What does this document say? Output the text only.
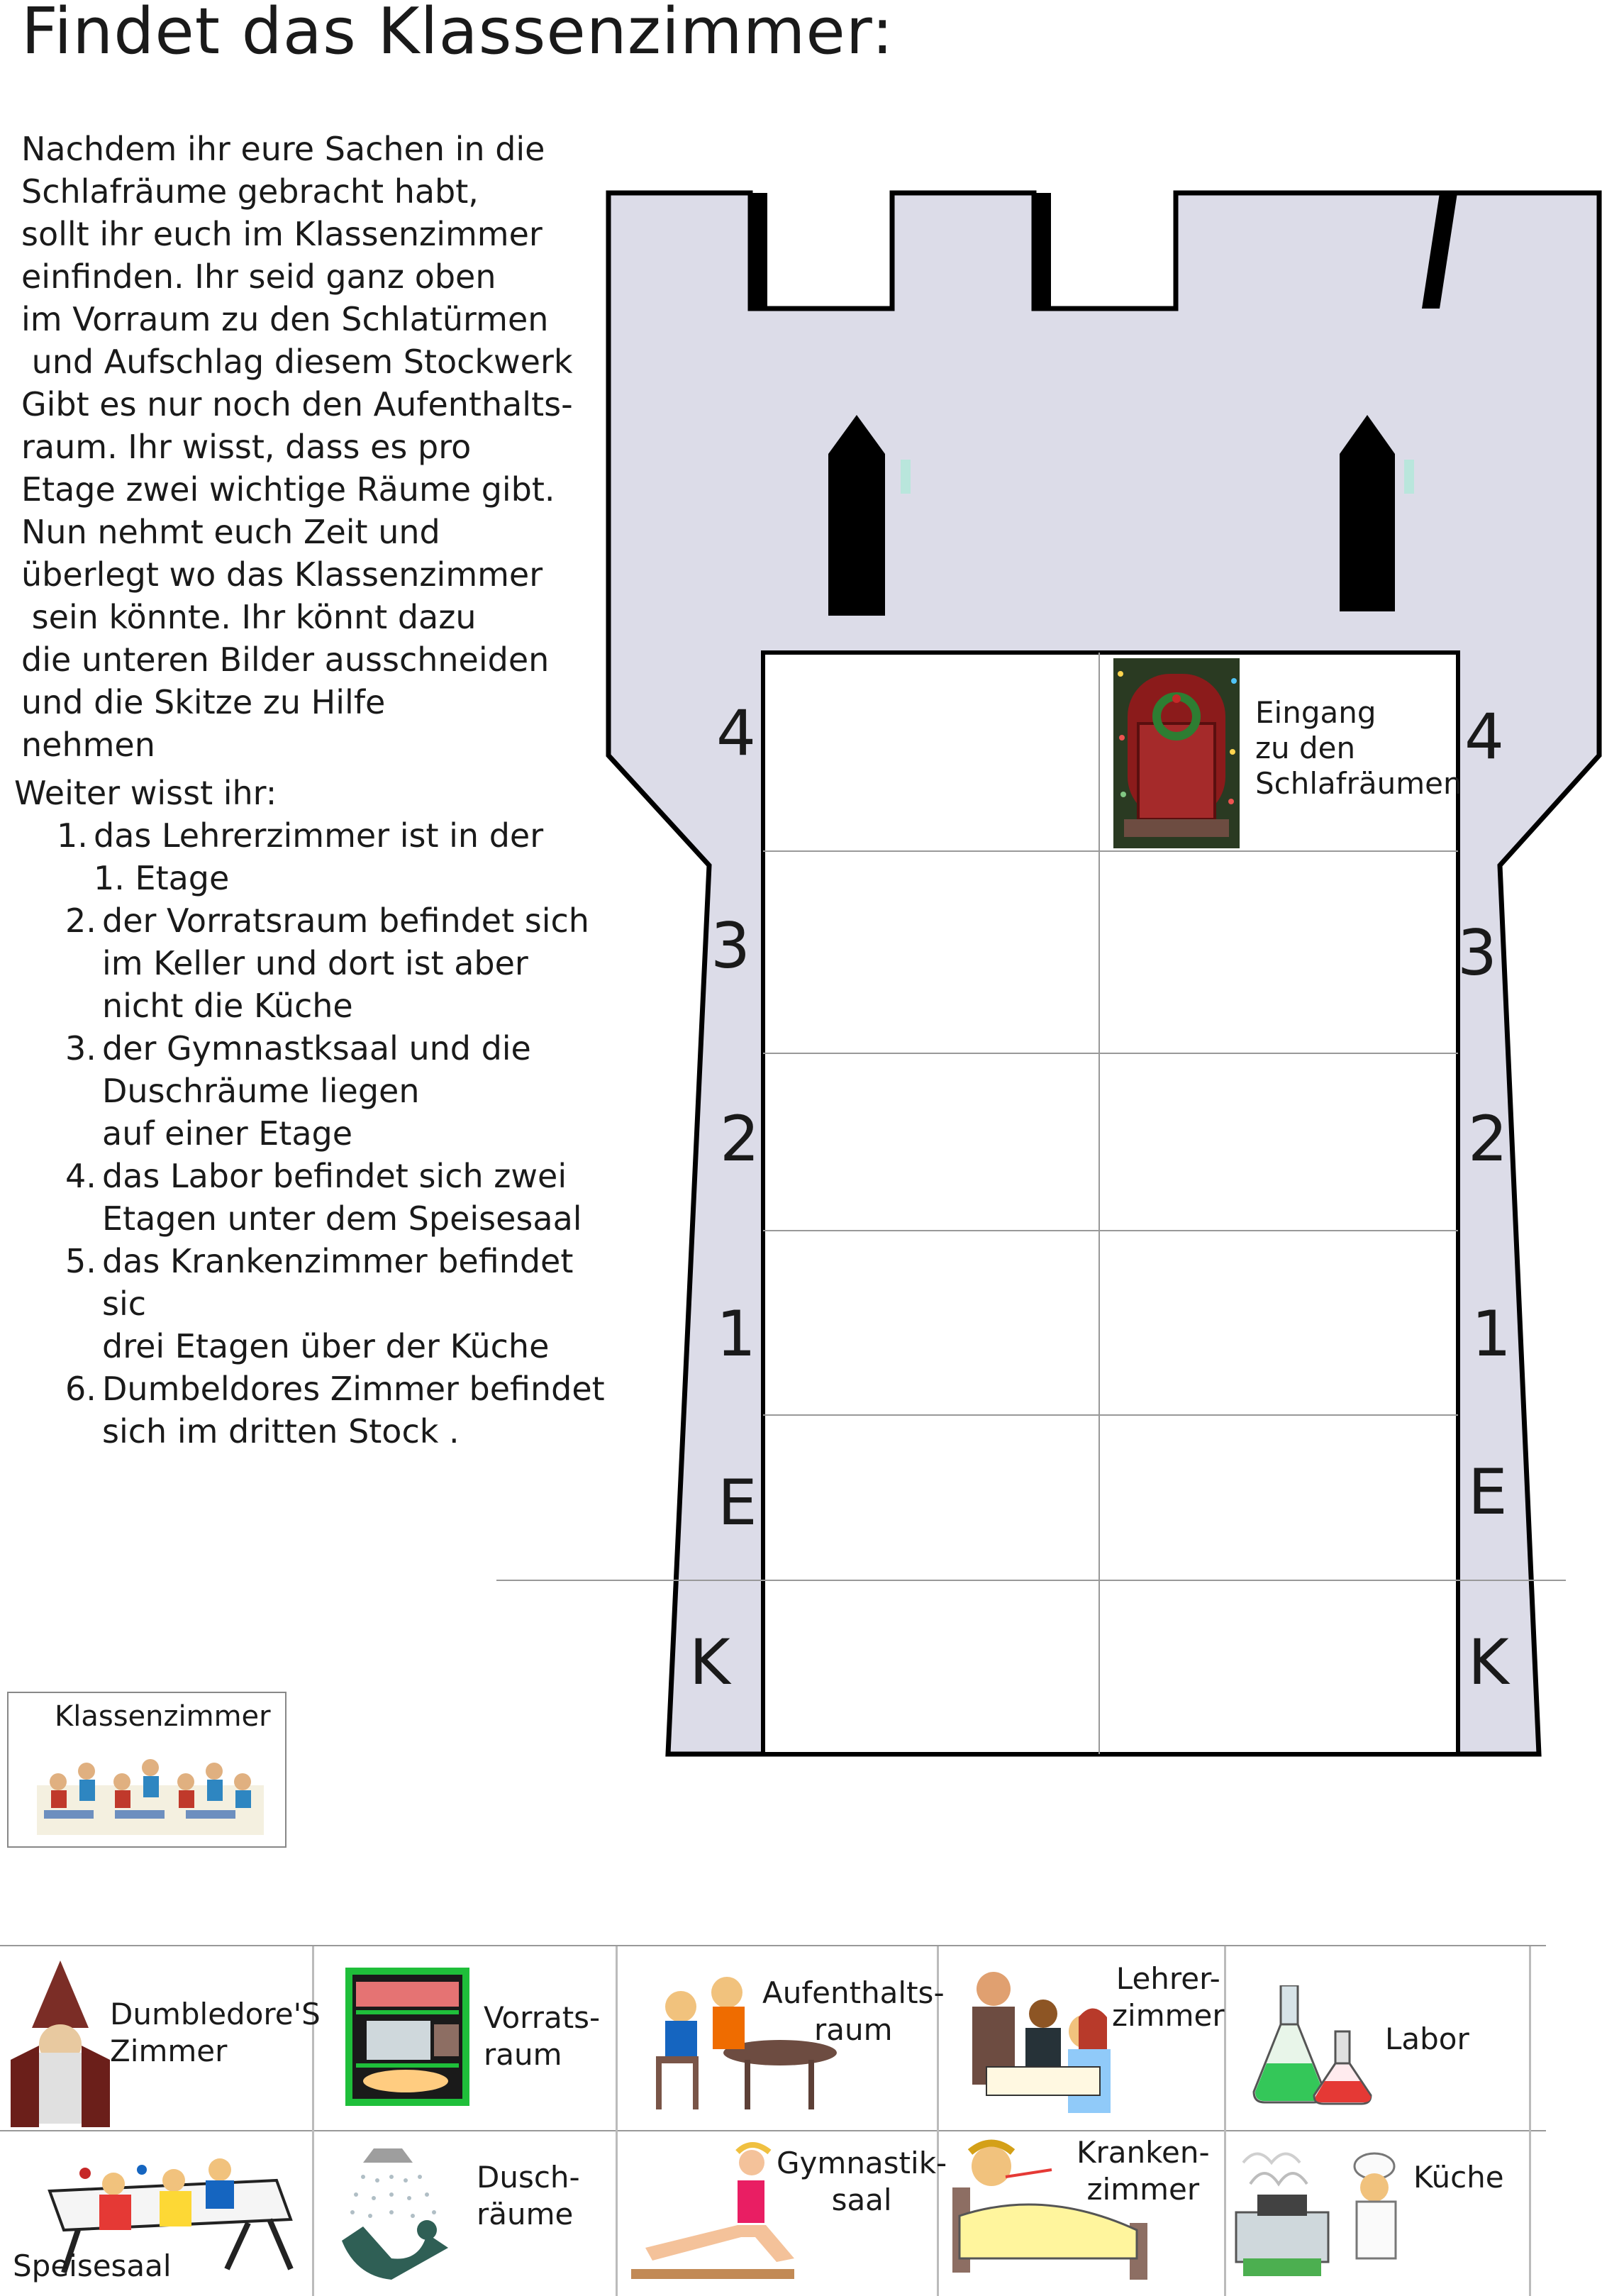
Findet das Klassenzimmer:
Nachdem ihr eure Sachen in die
Schlafräume gebracht habt,
sollt ihr euch im Klassenzimmer
einfinden. Ihr seid ganz oben
im Vorraum zu den Schlatürmen
und Aufschlag diesem Stockwerk
Gibt es nur noch den Aufenthalts-
raum. Ihr wisst, dass es pro
Etage zwei wichtige Räume gibt.
Nun nehmt euch Zeit und
überlegt wo das Klassenzimmer
sein könnte. Ihr könnt dazu
die unteren Bilder ausschneiden
und die Skitze zu Hilfe
nehmen
Weiter wisst ihr:
1. das Lehrerzimmer ist in der
1. Etage
2. der Vorratsraum befindet sich
im Keller und dort ist aber
nicht die Küche
3. der Gymnastksaal und die
Duschräume liegen
auf einer Etage
4. das Labor befindet sich zwei
Etagen unter dem Speisesaal
5. das Krankenzimmer befindet sic
drei Etagen über der Küche
6. Dumbeldores Zimmer befindet
sich im dritten Stock .
4
3
2
1
E
K
4
3
2
1
E
K
Eingang
zu den
Schlafräumen
Klassenzimmer
Dumbledore'S
Zimmer
Vorrats-
raum
Aufenthalts-
raum
Lehrer-
zimmer
Labor
Speisesaal
Dusch-
räume
Gymnastik-
saal
Kranken-
zimmer	Küche
